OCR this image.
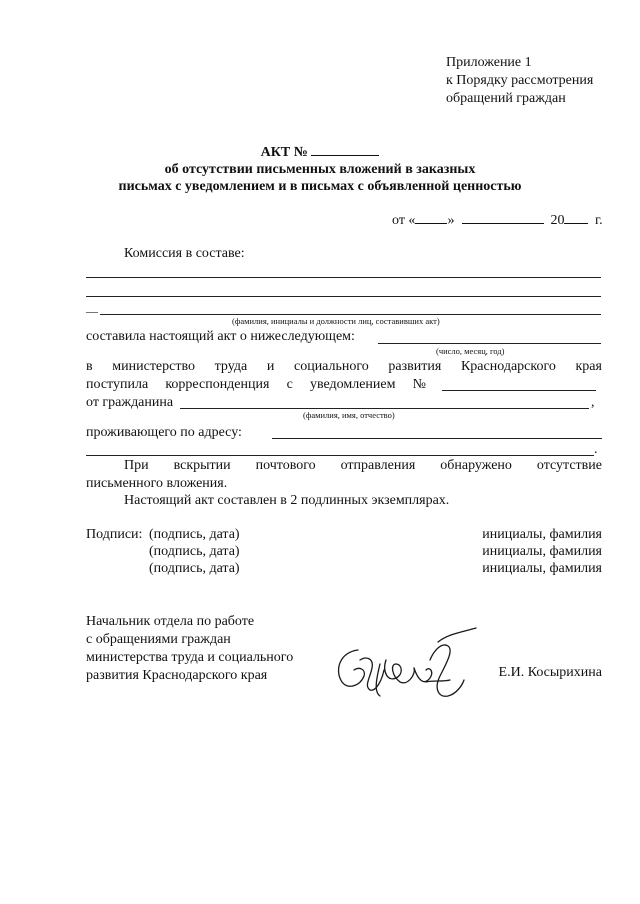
Приложение 1
к Порядку рассмотрения
обращений граждан
АКТ №
об отсутствии письменных вложений в заказных
письмах с уведомлением и в письмах с объявленной ценностью
от « »	20 г.
Комиссия в составе:
—
(фамилия, инициалы и должности лиц, составивших акт)
составила настоящий акт о нижеследующем:
(число, месяц, год)
в министерство труда и социального развития Краснодарского края
поступила корреспонденция с уведомлением №
от гражданина	,
(фамилия, имя, отчество)
проживающего по адресу:
.
При вскрытии почтового отправления обнаружено отсутствие
письменного вложения.
Настоящий акт составлен в 2 подлинных экземплярах.
Подписи: (подпись, дата)	инициалы, фамилия
(подпись, дата)	инициалы, фамилия
(подпись, дата)	инициалы, фамилия
Начальник отдела по работе
с обращениями граждан
министерства труда и социального
развития Краснодарского края	Е.И. Косырихина
